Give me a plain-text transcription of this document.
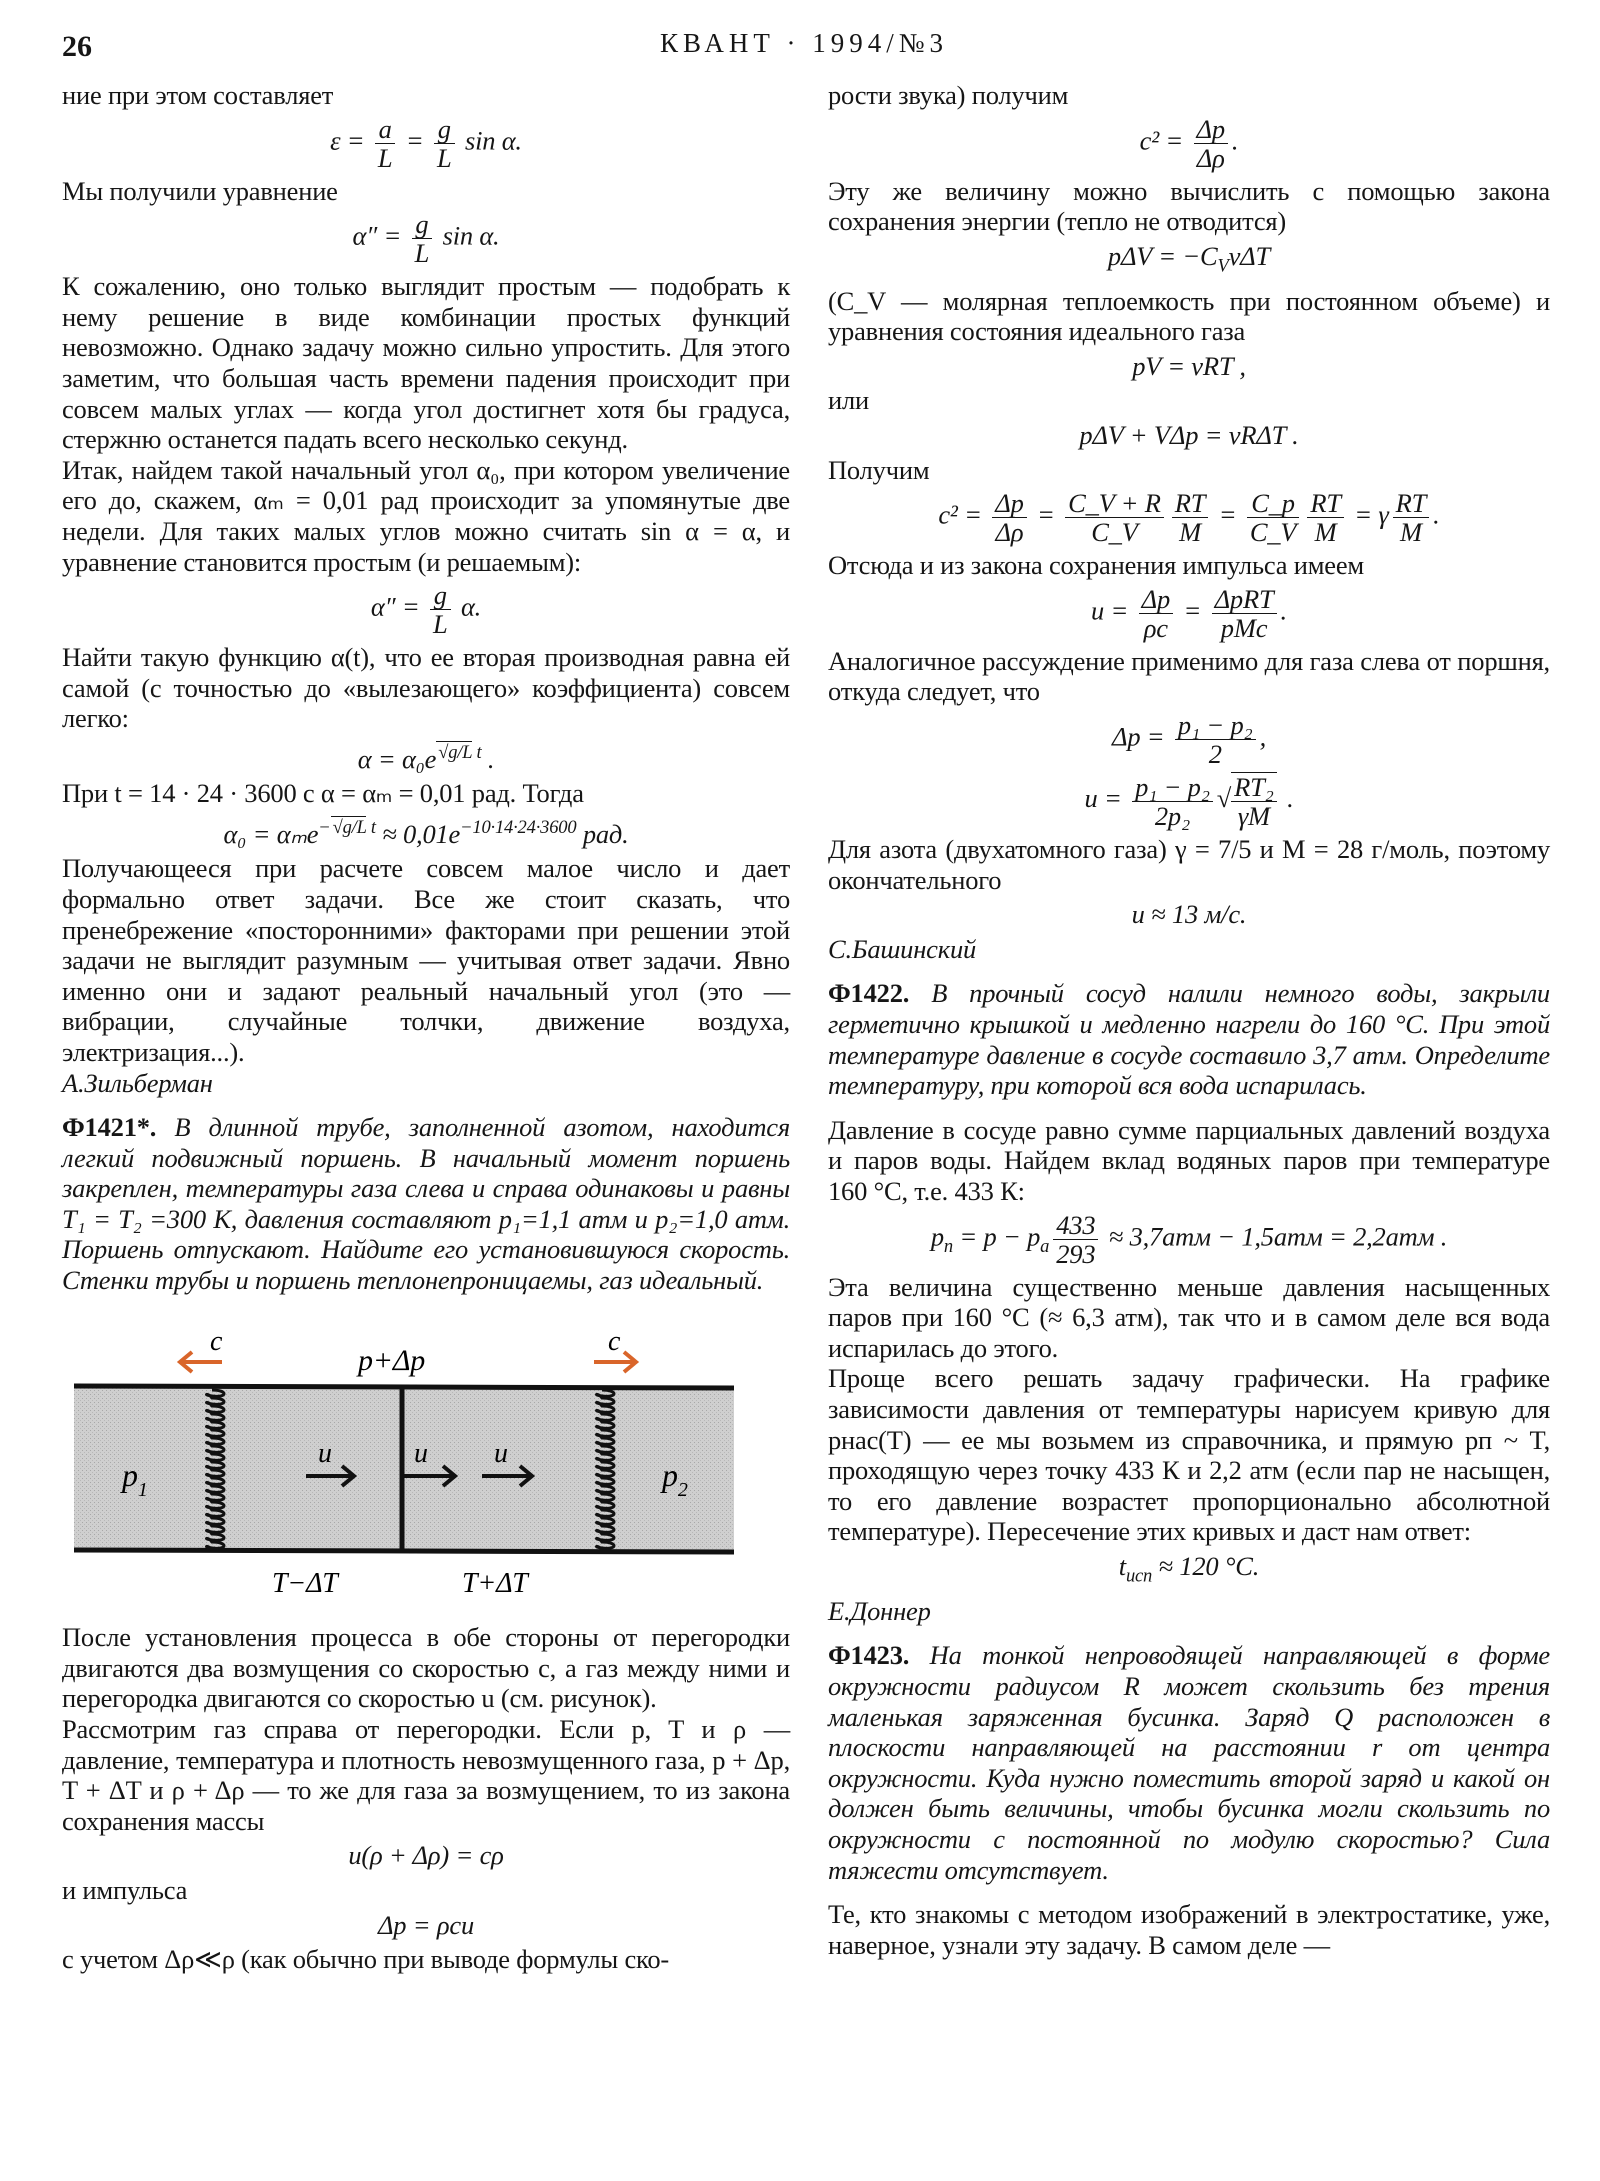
26	КВАНТ · 1994/№3

ние при этом составляет

$\varepsilon = \frac{a}{L} = \frac{g}{L}$ sin α.

Мы получили уравнение

$\alpha'' = \frac{g}{L}$ sin α.

К сожалению, оно только выглядит простым — подобрать к нему решение в виде комбинации простых функций невозможно. Однако задачу можно сильно упростить. Для этого заметим, что большая часть времени падения происходит при совсем малых углах — когда угол достигнет хотя бы градуса, стержню останется падать всего несколько секунд.

Итак, найдем такой начальный угол α₀, при котором увеличение его до, скажем, αₘ = 0,01 рад происходит за упомянутые две недели. Для таких малых углов можно считать sin α = α, и уравнение становится простым (и решаемым):

$\alpha'' = \frac{g}{L} \alpha$.

Найти такую функцию α(t), что ее вторая производная равна ей самой (с точностью до «вылезающего» коэффициента) совсем легко:

α = α₀e √ $^{g/L t}$ .

При t = 14 · 24 · 3600 с α = αₘ = 0,01 рад. Тогда

$\alpha_0 = \alpha_me^{- √ g/L t} \approx 0,01e^{-10\cdot 14\cdot 24\cdot 3600}$ рад.

Получающееся при расчете совсем малое число и дает формально ответ задачи. Все же стоит сказать, что пренебрежение «посторонними» факторами при решении этой задачи не выглядит разумным — учитывая ответ задачи. Явно именно они и задают реальный начальный угол (это — вибрации, случайные толчки, движение воздуха, электризация...).

А.Зильберман
Ф1421*. В длинной трубе, заполненной азотом, находится легкий подвижный поршень. В начальный момент поршень закреплен, температуры газа слева и справа одинаковы и равны T₁ = T₂ =300 К, давления составляют p₁=1,1 атм и p₂=1,0 атм. Поршень отпускают. Найдите его установившуюся скорость. Стенки трубы и поршень теплонепроницаемы, газ идеальный.
c	c
p+Δp
$p_1$	$p_2$
u	u u
T−ΔT	T+ΔT

После установления процесса в обе стороны от перегородки двигаются два возмущения со скоростью c, а газ между ними и перегородка двигаются со скоростью u (см. рисунок).

Рассмотрим газ справа от перегородки. Если p, T и ρ — давление, температура и плотность невозмущенного газа, p + Δp, T + ΔT и ρ + Δρ — то же для газа за возмущением, то из закона сохранения массы

u(ρ + Δρ) = cρ

и импульса

Δp = ρcu

с учетом Δρ≪ρ (как обычно при выводе формулы ско-

рости звука) получим

$c^2 = \frac{\Delta p}{\Delta\rho}$ .

Эту же величину можно вычислить с помощью закона сохранения энергии (тепло не отводится)

$p\Delta V = -C_V\nu\Delta T$

(C_V — молярная теплоемкость при постоянном объеме) и уравнения состояния идеального газа

pV = νRT ,

или

pΔV + VΔp = νRΔT .

Получим

$c^2 = \frac{\Delta p}{\Delta\rho} = \frac{C\_V + R}{C\_V} \frac{RT}{M} = \frac{C\_p}{C\_V} \frac{RT}{M} = \gamma \frac{RT}{M}$ .

Отсюда и из закона сохранения импульса имеем

$u = \frac{\Delta p}{\rho c} = \frac{\text{ΔpRT}}{\text{pMc}}$ .

Аналогичное рассуждение применимо для газа слева от поршня, откуда следует, что

$\Delta p = \frac{\text{p₁ − p₂}}{2}$ ,
$u = \frac{\text{p₁ − p₂}}{\text{2p₂}}$ √ $\frac{\text{RT₂}}{\gamma M}$ .

Для азота (двухатомного газа) γ = 7/5 и M = 28 г/моль, поэтому окончательного

u ≈ 13 м/с.
С.Башинский
Ф1422. В прочный сосуд налили немного воды, закрыли герметично крышкой и медленно нагрели до 160 °С. При этой температуре давление в сосуде составило 3,7 атм. Определите температуру, при которой вся вода испарилась.

Давление в сосуде равно сумме парциальных давлений воздуха и паров воды. Найдем вклад водяных паров при температуре 160 °С, т.е. 433 К:

$p_п = p - p_а \frac{433}{293} \approx 3,7атм - 1,5атм = 2,2атм$ .

Эта величина существенно меньше давления насыщенных паров при 160 °С (≈ 6,3 атм), так что и в самом деле вся вода испарилась до этого.

Проще всего решать задачу графически. На графике зависимости давления от температуры нарисуем кривую для pнас(T) — ее мы возьмем из справочника, и прямую pп ~ T, проходящую через точку 433 К и 2,2 атм (если пар не насыщен, то его давление возрастет пропорционально абсолютной температуре). Пересечение этих кривых и даст нам ответ:

$t_{исп} \approx 120$ °С.
Е.Доннер
Ф1423. На тонкой непроводящей направляющей в форме окружности радиусом R может скользить без трения маленькая заряженная бусинка. Заряд Q расположен в плоскости направляющей на расстоянии r от центра окружности. Куда нужно поместить второй заряд и какой он должен быть величины, чтобы бусинка могли скользить по окружности с постоянной по модулю скоростью? Сила тяжести отсутствует.

Те, кто знакомы с методом изображений в электростатике, уже, наверное, узнали эту задачу. В самом деле —
